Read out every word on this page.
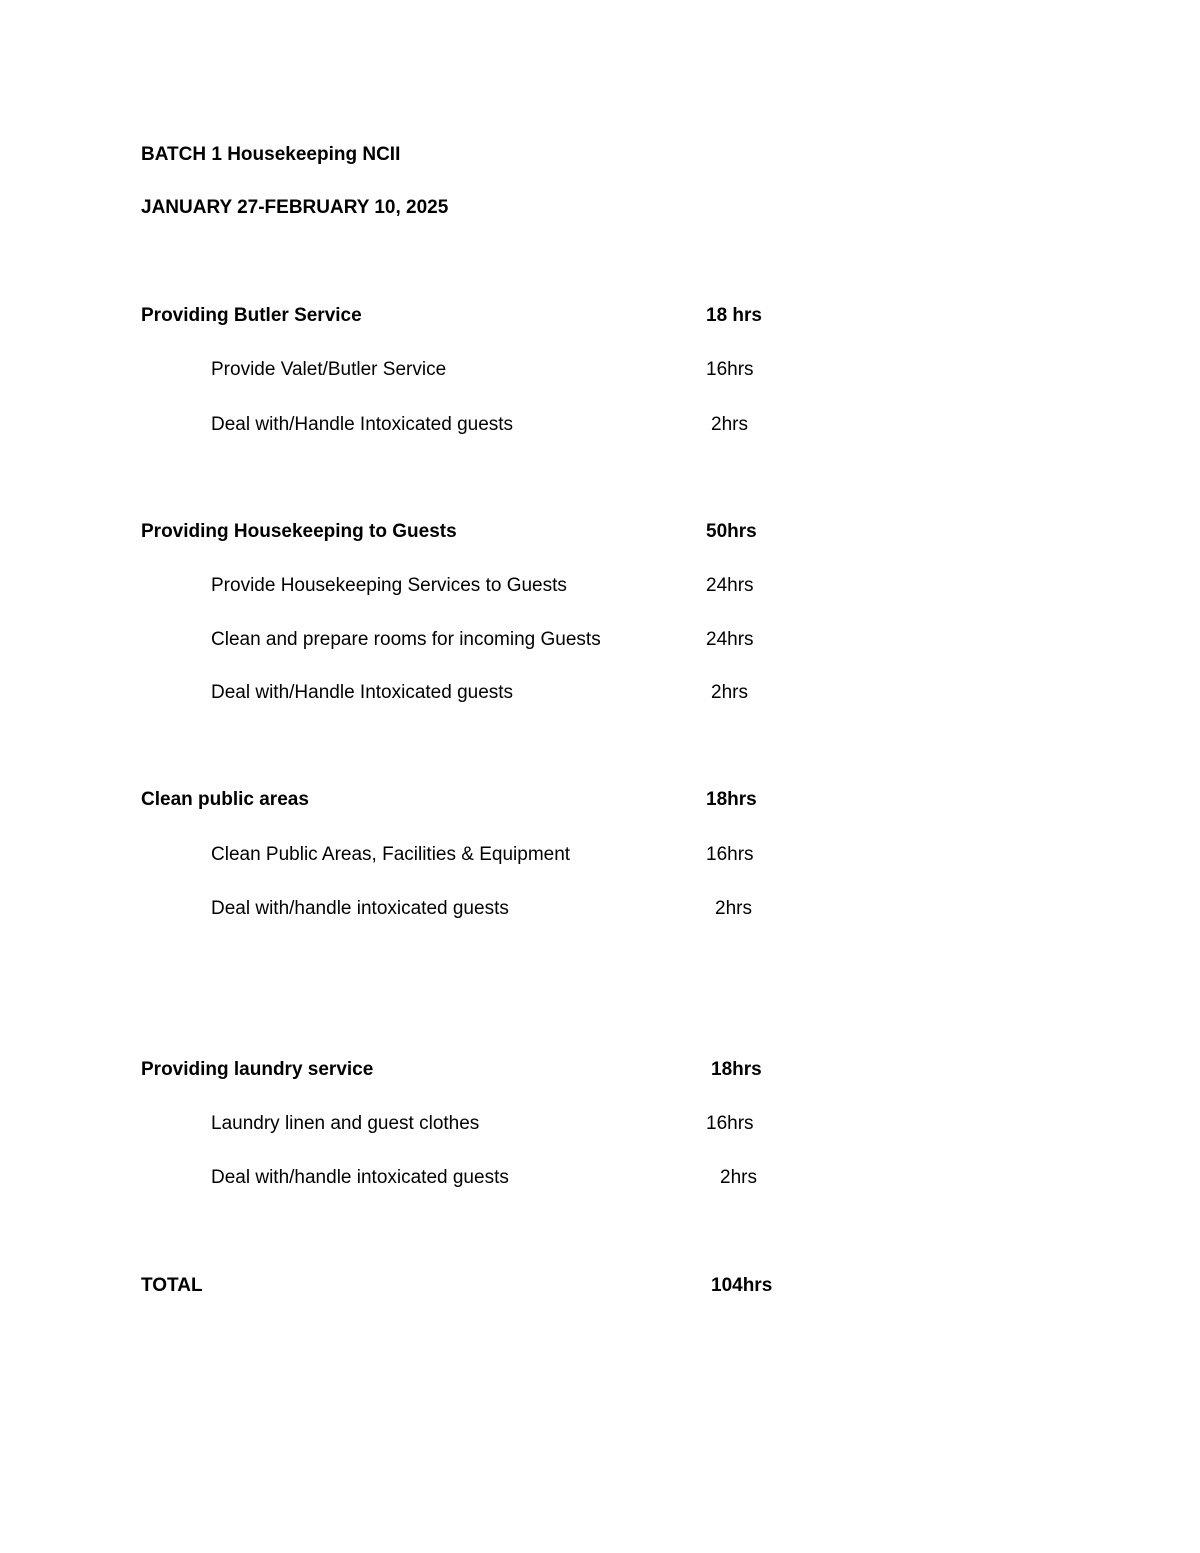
BATCH 1 Housekeeping NCII
JANUARY 27-FEBRUARY 10, 2025
Providing Butler Service	18 hrs
Provide Valet/Butler Service	16hrs
Deal with/Handle Intoxicated guests	2hrs
Providing Housekeeping to Guests	50hrs
Provide Housekeeping Services to Guests	24hrs
Clean and prepare rooms for incoming Guests	24hrs
Deal with/Handle Intoxicated guests	2hrs
Clean public areas	18hrs
Clean Public Areas, Facilities & Equipment	16hrs
Deal with/handle intoxicated guests	2hrs
Providing laundry service	18hrs
Laundry linen and guest clothes	16hrs
Deal with/handle intoxicated guests	2hrs
TOTAL	104hrs
